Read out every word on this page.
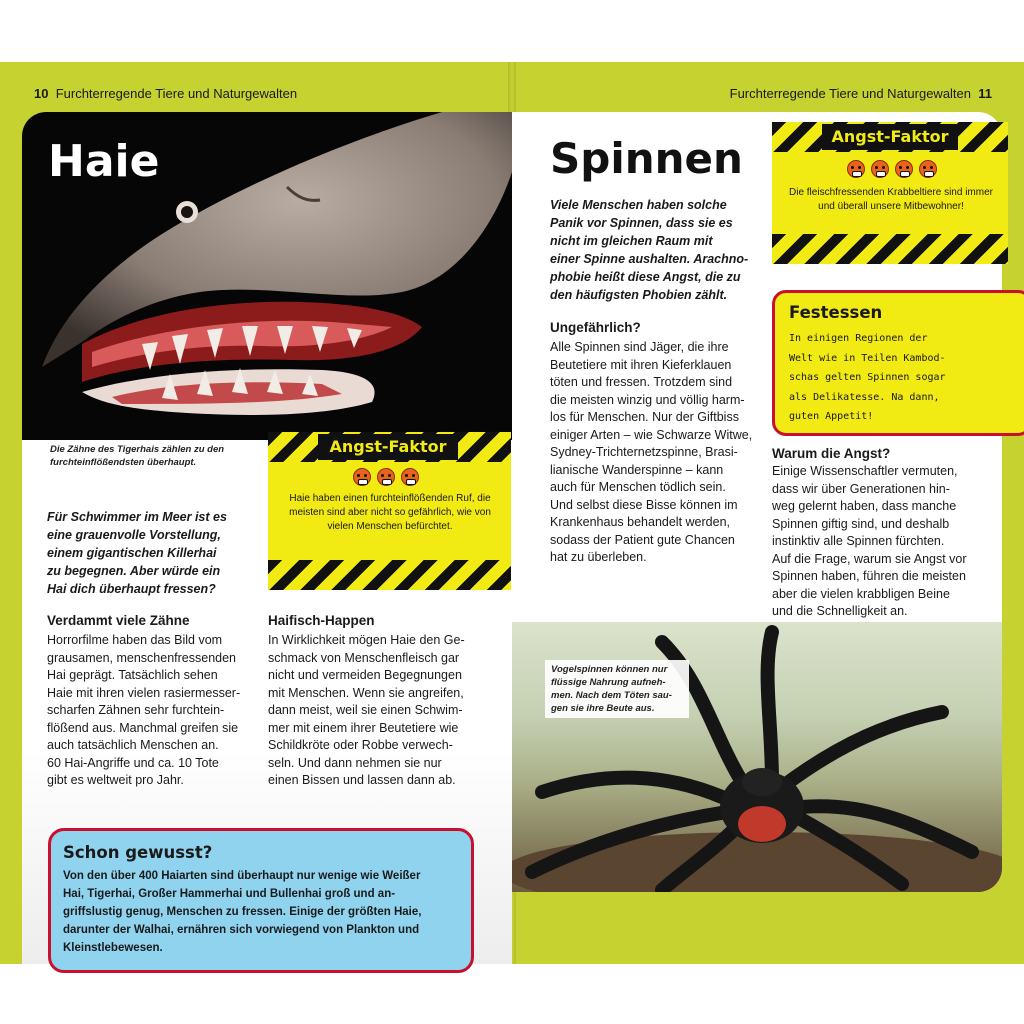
10 Furchterregende Tiere und Naturgewalten	Furchterregende Tiere und Naturgewalten 11
Haie
Die Zähne des Tigerhais zählen zu den furchteinflößendsten überhaupt.
Angst-Faktor
Haie haben einen furchteinflößenden Ruf, die meisten sind aber nicht so gefährlich, wie von vielen Menschen befürchtet.
Für Schwimmer im Meer ist es
eine grauenvolle Vorstellung,
einem gigantischen Killerhai
zu begegnen. Aber würde ein
Hai dich überhaupt fressen?
Verdammt viele Zähne
Horrorfilme haben das Bild vom
grausamen, menschenfressenden
Hai geprägt. Tatsächlich sehen
Haie mit ihren vielen rasiermesser-
scharfen Zähnen sehr furchtein-
flößend aus. Manchmal greifen sie
auch tatsächlich Menschen an.
60 Hai-Angriffe und ca. 10 Tote
gibt es weltweit pro Jahr.
Haifisch-Happen
In Wirklichkeit mögen Haie den Ge-
schmack von Menschenfleisch gar
nicht und vermeiden Begegnungen
mit Menschen. Wenn sie angreifen,
dann meist, weil sie einen Schwim-
mer mit einem ihrer Beutetiere wie
Schildkröte oder Robbe verwech-
seln. Und dann nehmen sie nur
einen Bissen und lassen dann ab.
Schon gewusst?
Von den über 400 Haiarten sind überhaupt nur wenige wie Weißer
Hai, Tigerhai, Großer Hammerhai und Bullenhai groß und an-
griffslustig genug, Menschen zu fressen. Einige der größten Haie,
darunter der Walhai, ernähren sich vorwiegend von Plankton und
Kleinstlebewesen.
Spinnen	Angst-Faktor
Die fleischfressenden Krabbeltiere sind immer und überall unsere Mitbewohner!
Viele Menschen haben solche
Panik vor Spinnen, dass sie es
nicht im gleichen Raum mit
einer Spinne aushalten. Arachno-
phobie heißt diese Angst, die zu
den häufigsten Phobien zählt.
Ungefährlich?
Alle Spinnen sind Jäger, die ihre
Beutetiere mit ihren Kieferklauen
töten und fressen. Trotzdem sind
die meisten winzig und völlig harm-
los für Menschen. Nur der Giftbiss
einiger Arten – wie Schwarze Witwe,
Sydney-Trichternetzspinne, Brasi-
lianische Wanderspinne – kann
auch für Menschen tödlich sein.
Und selbst diese Bisse können im
Krankenhaus behandelt werden,
sodass der Patient gute Chancen
hat zu überleben.
Festessen
In einigen Regionen der
Welt wie in Teilen Kambod-
schas gelten Spinnen sogar
als Delikatesse. Na dann,
guten Appetit!
Warum die Angst?
Einige Wissenschaftler vermuten,
dass wir über Generationen hin-
weg gelernt haben, dass manche
Spinnen giftig sind, und deshalb
instinktiv alle Spinnen fürchten.
Auf die Frage, warum sie Angst vor
Spinnen haben, führen die meisten
aber die vielen krabbligen Beine
und die Schnelligkeit an.
Vogelspinnen können nur
flüssige Nahrung aufneh-
men. Nach dem Töten sau-
gen sie ihre Beute aus.
